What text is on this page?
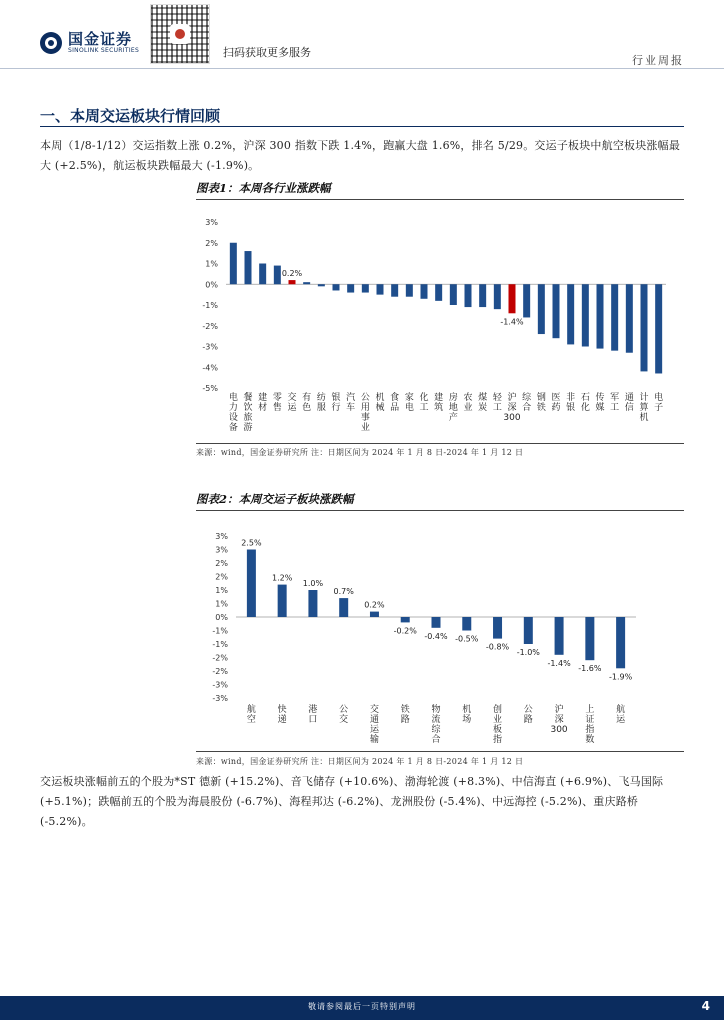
国金证券
SINOLINK SECURITIES	扫码获取更多服务
行业周报
一、本周交运板块行情回顾
本周（1/8-1/12）交运指数上涨 0.2%，沪深 300 指数下跌 1.4%，跑赢大盘 1.6%，排名 5/29。交运子板块中航空板块涨幅最大 (+2.5%)，航运板块跌幅最大 (-1.9%)。
图表1：本周各行业涨跌幅
3%
2%
1%
0%
-1%
-2%
-3%
-4%
-5%
电力设备
餐饮旅游
建材
零售
0.2%
交运
有色
纺服
银行
汽车
公用事业
机械
食品
家电
化工
建筑
房地产
农业
煤炭
轻工
-1.4%
沪深 300
综合
钢铁
医药
非银
石化
传媒
军工
通信
计算机
电子
来源：wind，国金证券研究所 注：日期区间为 2024 年 1 月 8 日-2024 年 1 月 12 日
图表2：本周交运子板块涨跌幅
3%
3%
2%
2%
1%
1%
0%
-1%
-1%
-2%
-2%
-3%
-3%
2.5%
航空
1.2%
快递
1.0%
港口
0.7%
公交
0.2%
交通运输
-0.2%
铁路
-0.4%
物流综合
-0.5%
机场
-0.8%
创业板指
-1.0%
公路
-1.4%
沪深 300
-1.6%
上证指数
-1.9%
航运
来源：wind，国金证券研究所 注：日期区间为 2024 年 1 月 8 日-2024 年 1 月 12 日
交运板块涨幅前五的个股为*ST 德新 (+15.2%)、音飞储存 (+10.6%)、渤海轮渡 (+8.3%)、中信海直 (+6.9%)、飞马国际 (+5.1%)；跌幅前五的个股为海晨股份 (-6.7%)、海程邦达 (-6.2%)、龙洲股份 (-5.4%)、中远海控 (-5.2%)、重庆路桥 (-5.2%)。
敬请参阅最后一页特别声明	4
